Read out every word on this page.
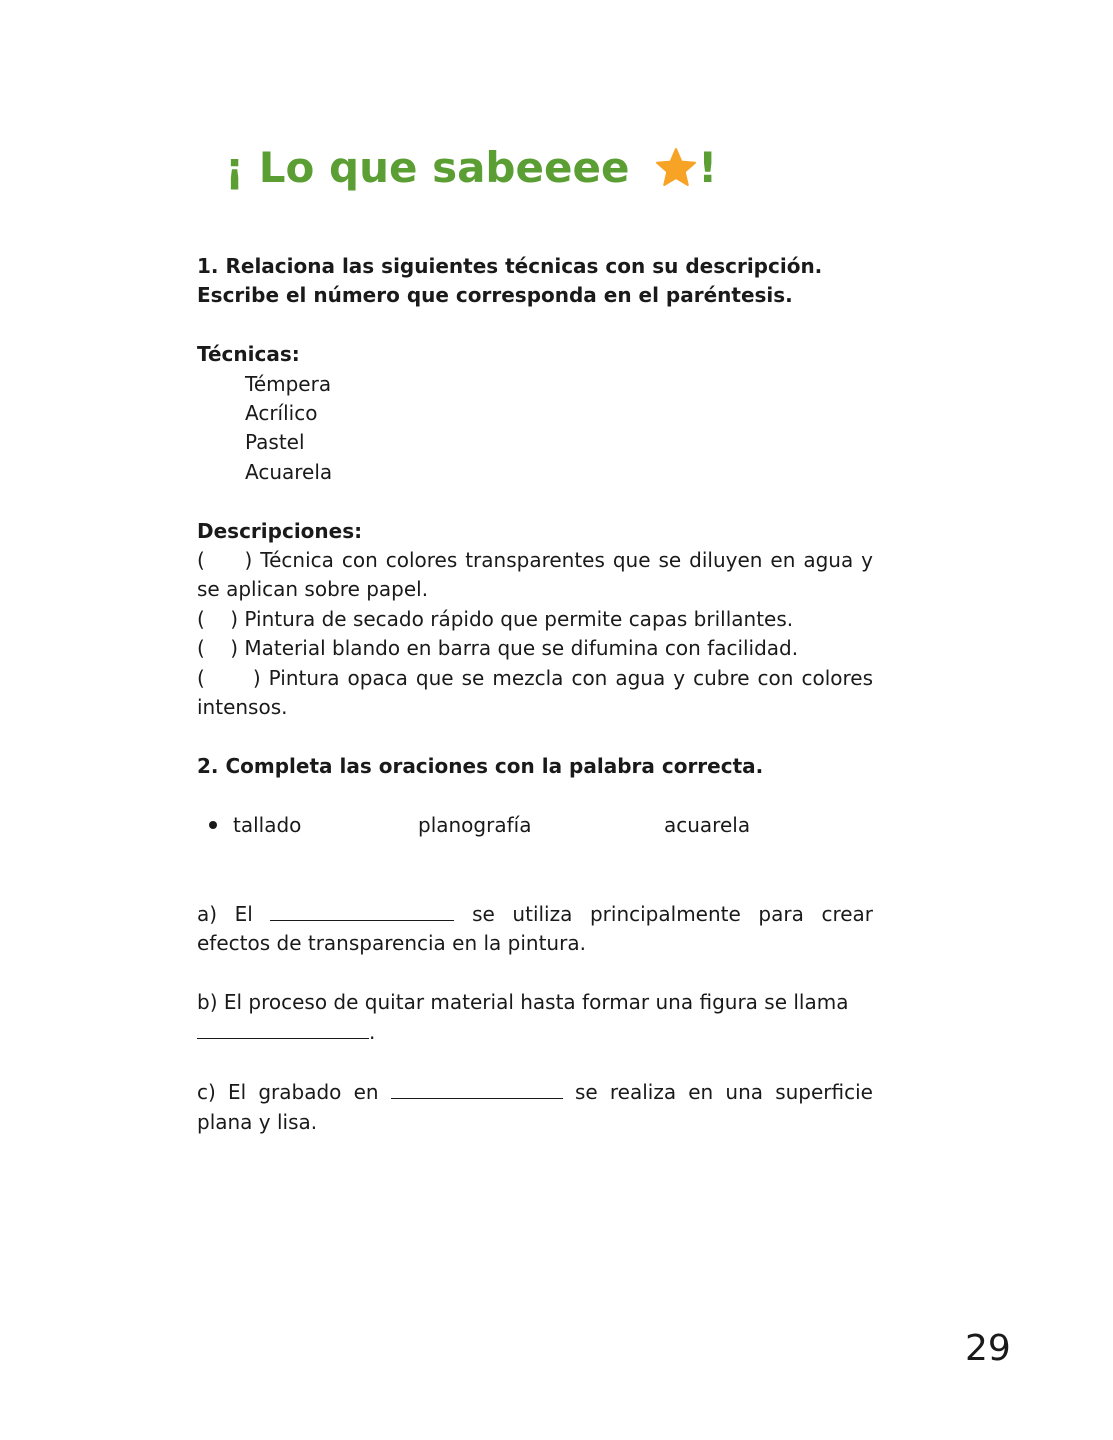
¡ Lo que sabeeee !
1. Relaciona las siguientes técnicas con su descripción.
Escribe el número que corresponda en el paréntesis.
Técnicas:
Témpera
Acrílico
Pastel
Acuarela
Descripciones:
(     ) Técnica con colores transparentes que se diluyen en agua y se aplican sobre papel.
(    ) Pintura de secado rápido que permite capas brillantes.
(    ) Material blando en barra que se difumina con facilidad.
(      ) Pintura opaca que se mezcla con agua y cubre con colores intensos.
2. Completa las oraciones con la palabra correcta.
tallado	planografía	acuarela
a) El	se utiliza principalmente para crear efectos de transparencia en la pintura.
b) El proceso de quitar material hasta formar una figura se llama
.
c) El grabado en	se realiza en una superficie plana y lisa.
29
